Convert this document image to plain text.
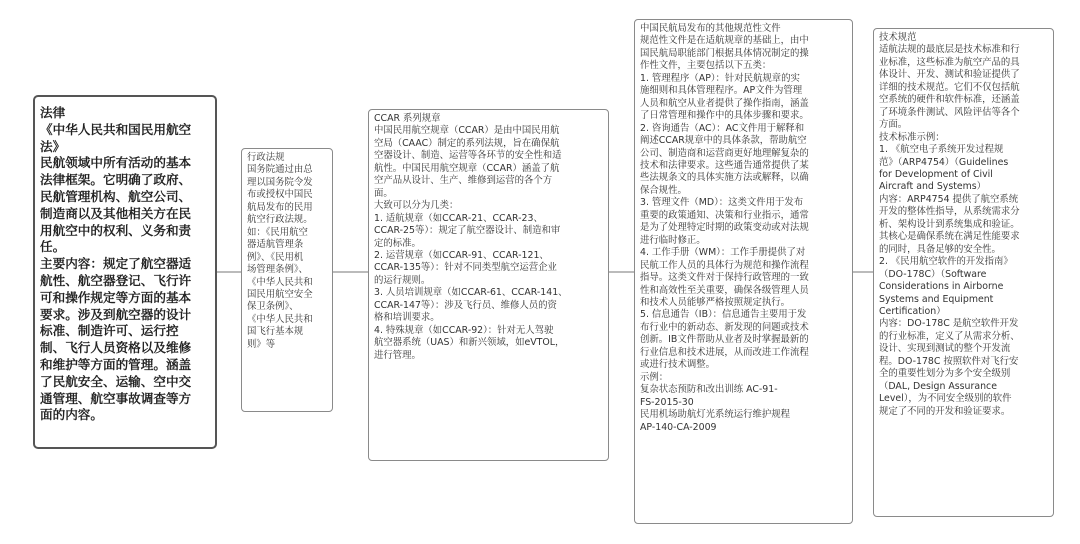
法律
《中华人民共和国民用航空
法》
民航领域中所有活动的基本
法律框架。它明确了政府、
民航管理机构、航空公司、
制造商以及其他相关方在民
用航空中的权利、义务和责
任。
主要内容：规定了航空器适
航性、航空器登记、飞行许
可和操作规定等方面的基本
要求。涉及到航空器的设计
标准、制造许可、运行控
制、飞行人员资格以及维修
和维护等方面的管理。涵盖
了民航安全、运输、空中交
通管理、航空事故调查等方
面的内容。
行政法规
国务院通过由总
理以国务院令发
布或授权中国民
航局发布的民用
航空行政法规。
如：《民用航空
器适航管理条
例》、《民用机
场管理条例》、
《中华人民共和
国民用航空安全
保卫条例》、
《中华人民共和
国飞行基本规
则》等
CCAR 系列规章
中国民用航空规章（CCAR）是由中国民用航
空局（CAAC）制定的系列法规，旨在确保航
空器设计、制造、运营等各环节的安全性和适
航性。中国民用航空规章（CCAR）涵盖了航
空产品从设计、生产、维修到运营的各个方
面。
大致可以分为几类：
1. 适航规章（如CCAR-21、CCAR-23、
CCAR-25等）：规定了航空器设计、制造和审
定的标准。
2. 运营规章（如CCAR-91、CCAR-121、
CCAR-135等）：针对不同类型航空运营企业
的运行规则。
3. 人员培训规章（如CCAR-61、CCAR-141、
CCAR-147等）：涉及飞行员、维修人员的资
格和培训要求。
4. 特殊规章（如CCAR-92）：针对无人驾驶
航空器系统（UAS）和新兴领域，如eVTOL，
进行管理。
中国民航局发布的其他规范性文件
规范性文件是在适航规章的基础上，由中
国民航局职能部门根据具体情况制定的操
作性文件，主要包括以下五类：
1. 管理程序（AP）：针对民航规章的实
施细则和具体管理程序。AP文件为管理
人员和航空从业者提供了操作指南，涵盖
了日常管理和操作中的具体步骤和要求。
2. 咨询通告（AC）：AC文件用于解释和
阐述CCAR规章中的具体条款，帮助航空
公司、制造商和运营商更好地理解复杂的
技术和法律要求。这些通告通常提供了某
些法规条文的具体实施方法或解释，以确
保合规性。
3. 管理文件（MD）：这类文件用于发布
重要的政策通知、决策和行业指示，通常
是为了处理特定时期的政策变动或对法规
进行临时修正。
4. 工作手册（WM）：工作手册提供了对
民航工作人员的具体行为规范和操作流程
指导。这类文件对于保持行政管理的一致
性和高效性至关重要，确保各级管理人员
和技术人员能够严格按照规定执行。
5. 信息通告（IB）：信息通告主要用于发
布行业中的新动态、新发现的问题或技术
创新。IB文件帮助从业者及时掌握最新的
行业信息和技术进展，从而改进工作流程
或进行技术调整。
示例：
复杂状态预防和改出训练 AC-91-
FS-2015-30
民用机场助航灯光系统运行维护规程
AP-140-CA-2009
技术规范
适航法规的最底层是技术标准和行
业标准，这些标准为航空产品的具
体设计、开发、测试和验证提供了
详细的技术规范。它们不仅包括航
空系统的硬件和软件标准，还涵盖
了环境条件测试、风险评估等各个
方面。
技术标准示例：
1. 《航空电子系统开发过程规
范》（ARP4754）（Guidelines
for Development of Civil
Aircraft and Systems）
内容：ARP4754 提供了航空系统
开发的整体性指导，从系统需求分
析、架构设计到系统集成和验证。
其核心是确保系统在满足性能要求
的同时，具备足够的安全性。
2. 《民用航空软件的开发指南》
（DO-178C）（Software
Considerations in Airborne
Systems and Equipment
Certification）
内容：DO-178C 是航空软件开发
的行业标准，定义了从需求分析、
设计、实现到测试的整个开发流
程。DO-178C 按照软件对飞行安
全的重要性划分为多个安全级别
（DAL, Design Assurance
Level），为不同安全级别的软件
规定了不同的开发和验证要求。
